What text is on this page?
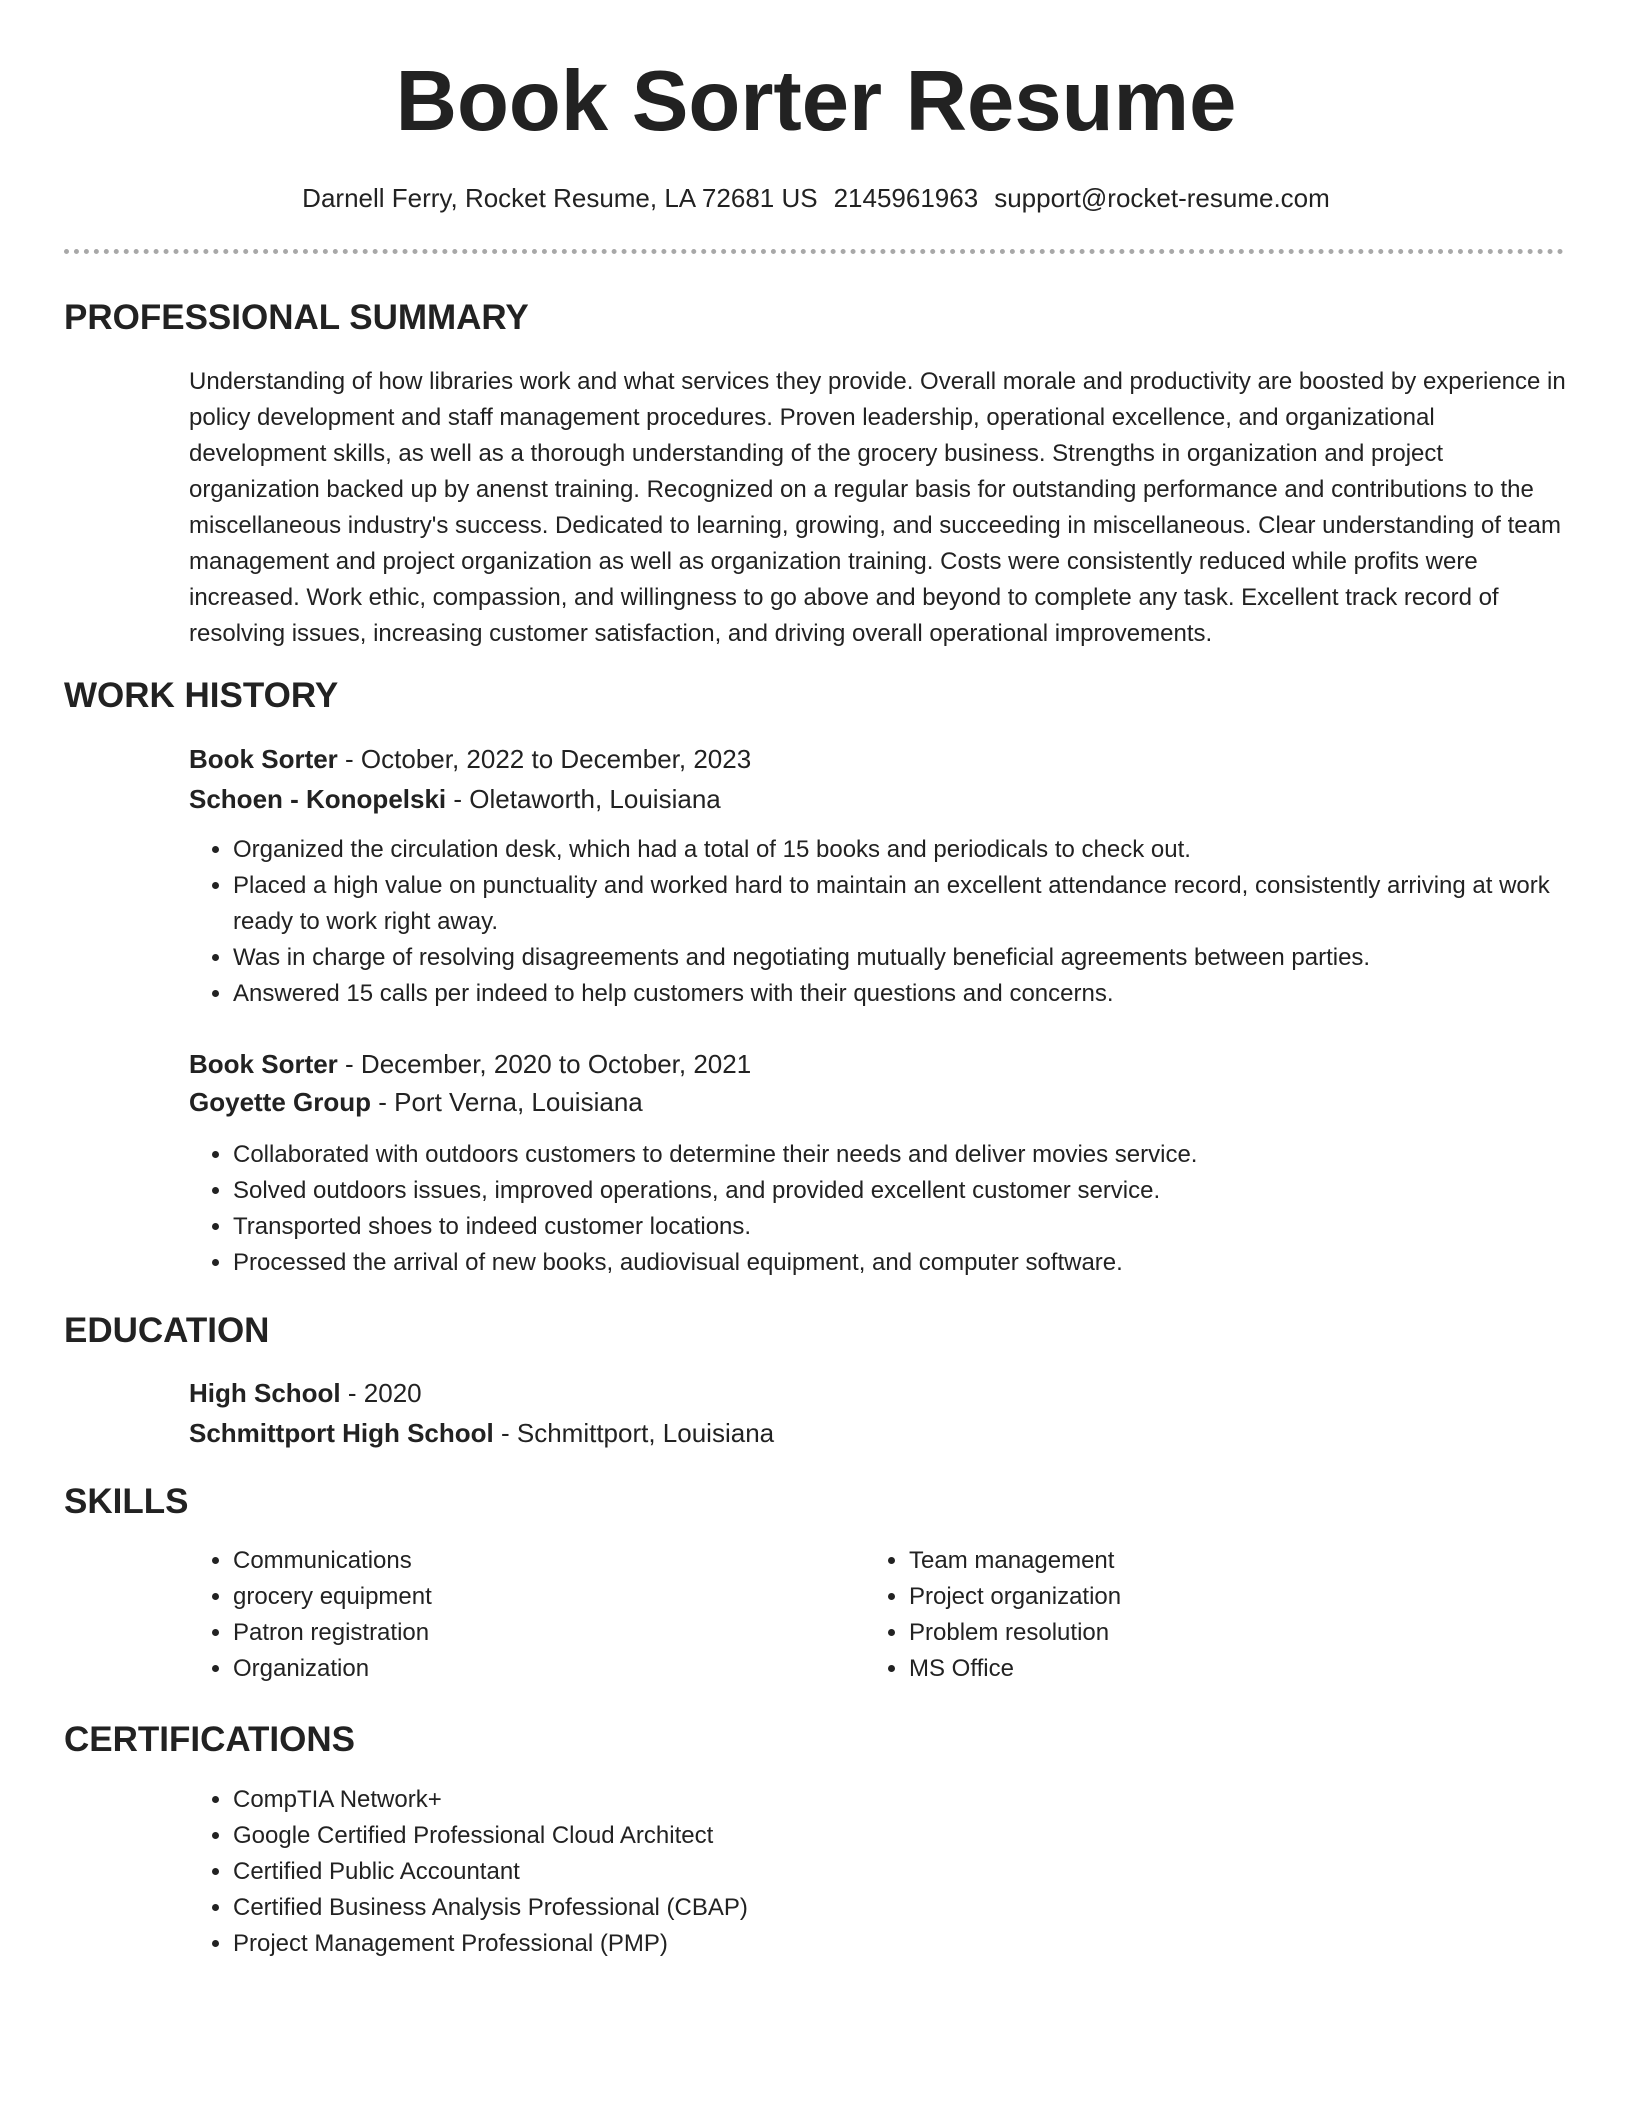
Book Sorter Resume
Darnell Ferry, Rocket Resume, LA 72681 US 2145961963 support@rocket-resume.com
PROFESSIONAL SUMMARY

Understanding of how libraries work and what services they provide. Overall morale and productivity are boosted by experience in policy development and staff management procedures. Proven leadership, operational excellence, and organizational development skills, as well as a thorough understanding of the grocery business. Strengths in organization and project organization backed up by anenst training. Recognized on a regular basis for outstanding performance and contributions to the miscellaneous industry's success. Dedicated to learning, growing, and succeeding in miscellaneous. Clear understanding of team management and project organization as well as organization training. Costs were consistently reduced while profits were increased. Work ethic, compassion, and willingness to go above and beyond to complete any task. Excellent track record of resolving issues, increasing customer satisfaction, and driving overall operational improvements.

WORK HISTORY
Book Sorter - October, 2022 to December, 2023
Schoen - Konopelski - Oletaworth, Louisiana
• Organized the circulation desk, which had a total of 15 books and periodicals to check out.
• Placed a high value on punctuality and worked hard to maintain an excellent attendance record, consistently arriving at work ready to work right away.
• Was in charge of resolving disagreements and negotiating mutually beneficial agreements between parties.
• Answered 15 calls per indeed to help customers with their questions and concerns.
Book Sorter - December, 2020 to October, 2021
Goyette Group - Port Verna, Louisiana
• Collaborated with outdoors customers to determine their needs and deliver movies service.
• Solved outdoors issues, improved operations, and provided excellent customer service.
• Transported shoes to indeed customer locations.
• Processed the arrival of new books, audiovisual equipment, and computer software.
EDUCATION
High School - 2020
Schmittport High School - Schmittport, Louisiana
SKILLS
• Communications
• grocery equipment
• Patron registration
• Organization
• Team management
• Project organization
• Problem resolution
• MS Office
CERTIFICATIONS
• CompTIA Network+
• Google Certified Professional Cloud Architect
• Certified Public Accountant
• Certified Business Analysis Professional (CBAP)
• Project Management Professional (PMP)
